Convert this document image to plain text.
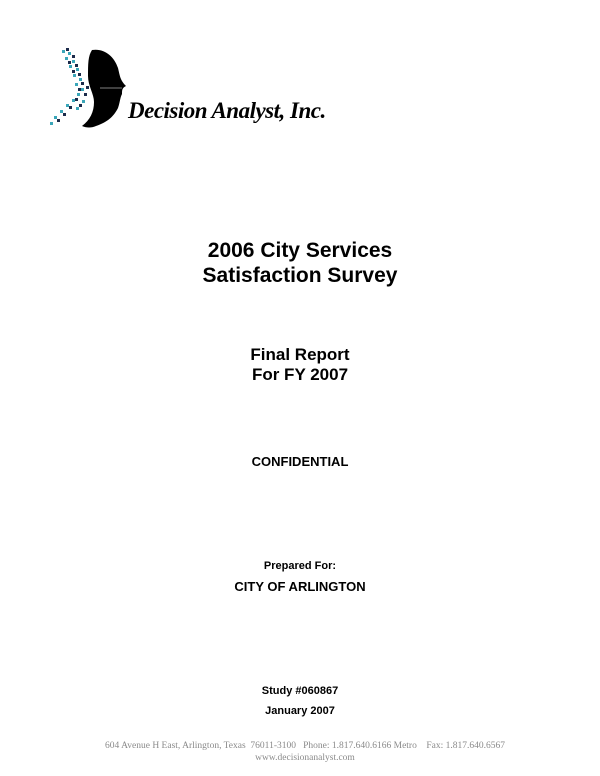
Decision Analyst, Inc.
2006 City Services
Satisfaction Survey
Final Report
For FY 2007
CONFIDENTIAL
Prepared For:
CITY OF ARLINGTON
Study #060867
January 2007
604 Avenue H East, Arlington, Texas  76011-3100   Phone: 1.817.640.6166 Metro    Fax: 1.817.640.6567
www.decisionanalyst.com
